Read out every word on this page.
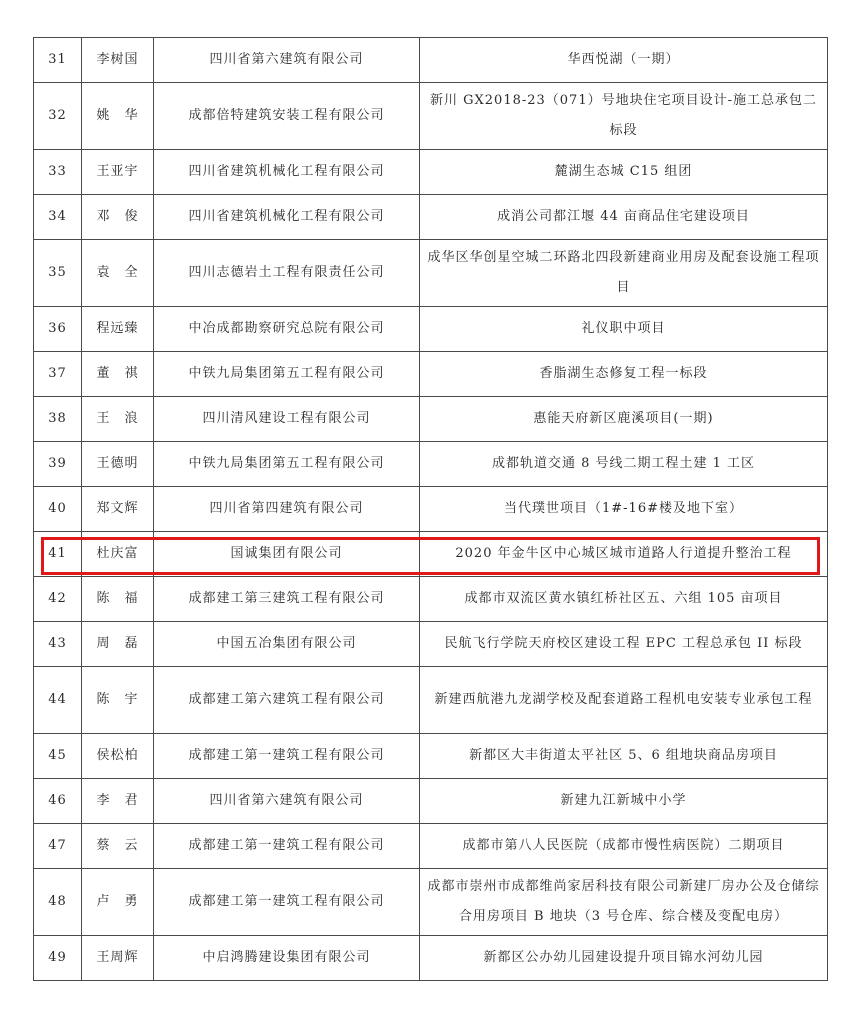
31	李树国	四川省第六建筑有限公司	华西悦湖（一期）
32	姚　华	成都倍特建筑安装工程有限公司	新川 GX2018-23（071）号地块住宅项目设计-施工总承包二标段
33	王亚宇	四川省建筑机械化工程有限公司	麓湖生态城 C15 组团
34	邓　俊	四川省建筑机械化工程有限公司	成消公司都江堰 44 亩商品住宅建设项目
35	袁　全	四川志德岩土工程有限责任公司	成华区华创星空城二环路北四段新建商业用房及配套设施工程项目
36	程远臻	中冶成都勘察研究总院有限公司	礼仪职中项目
37	董　祺	中铁九局集团第五工程有限公司	香脂湖生态修复工程一标段
38	王　浪	四川清风建设工程有限公司	惠能天府新区鹿溪项目(一期)
39	王德明	中铁九局集团第五工程有限公司	成都轨道交通 8 号线二期工程土建 1 工区
40	郑文辉	四川省第四建筑有限公司	当代璞世项目（1#-16#楼及地下室）
41	杜庆富	国诚集团有限公司	2020 年金牛区中心城区城市道路人行道提升整治工程
42	陈　福	成都建工第三建筑工程有限公司	成都市双流区黄水镇红桥社区五、六组 105 亩项目
43	周　磊	中国五冶集团有限公司	民航飞行学院天府校区建设工程 EPC 工程总承包 II 标段
44	陈　宇	成都建工第六建筑工程有限公司	新建西航港九龙湖学校及配套道路工程机电安装专业承包工程
45	侯松柏	成都建工第一建筑工程有限公司	新都区大丰街道太平社区 5、6 组地块商品房项目
46	李　君	四川省第六建筑有限公司	新建九江新城中小学
47	蔡　云	成都建工第一建筑工程有限公司	成都市第八人民医院（成都市慢性病医院）二期项目
48	卢　勇	成都建工第一建筑工程有限公司	成都市崇州市成都维尚家居科技有限公司新建厂房办公及仓储综合用房项目 B 地块（3 号仓库、综合楼及变配电房）
49	王周辉	中启鸿腾建设集团有限公司	新都区公办幼儿园建设提升项目锦水河幼儿园
